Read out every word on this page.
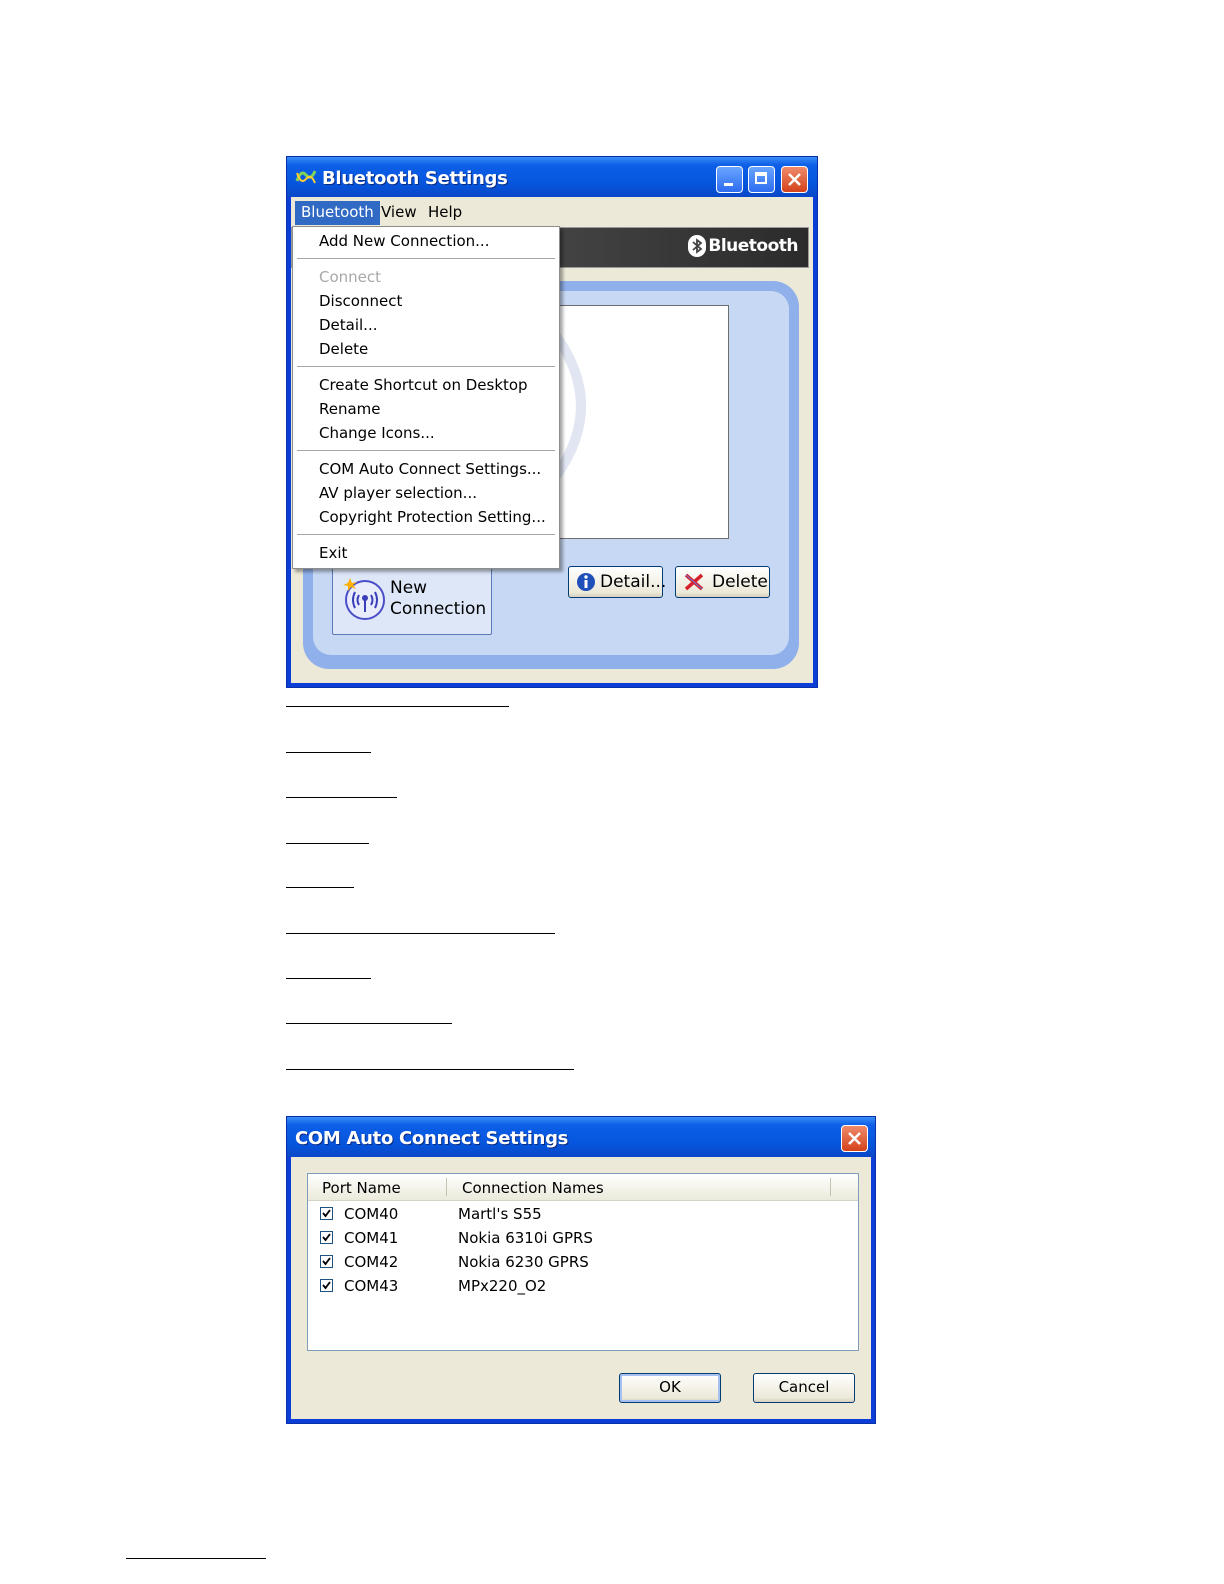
Bluetooth Settings
Bluetooth View Help
Bluetooth
New
Connection
Detail...	Delete
Add New Connection...
Connect
Disconnect
Detail...
Delete
Create Shortcut on Desktop
Rename
Change Icons...
COM Auto Connect Settings...
AV player selection...
Copyright Protection Setting...
Exit
COM Auto Connect Settings
Port Name	Connection Names
COM40	Martl's S55
COM41	Nokia 6310i GPRS
COM42	Nokia 6230 GPRS
COM43	MPx220_O2
OK	Cancel
